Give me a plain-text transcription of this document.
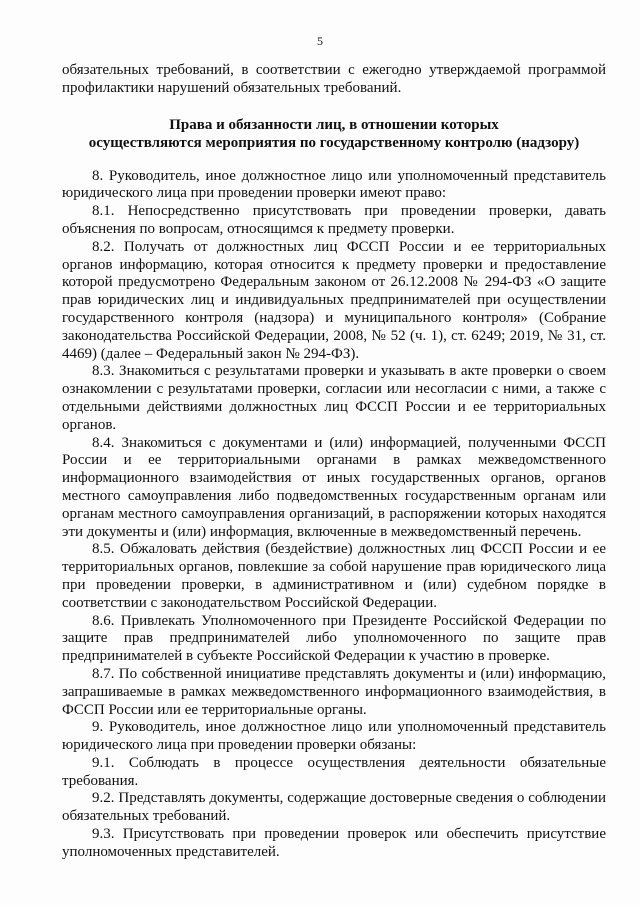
5

обязательных требований, в соответствии с ежегодно утверждаемой программой профилактики нарушений обязательных требований.

Права и обязанности лиц, в отношении которых
осуществляются мероприятия по государственному контролю (надзору)

8. Руководитель, иное должностное лицо или уполномоченный представитель юридического лица при проведении проверки имеют право:

8.1. Непосредственно присутствовать при проведении проверки, давать объяснения по вопросам, относящимся к предмету проверки.

8.2. Получать от должностных лиц ФССП России и ее территориальных органов информацию, которая относится к предмету проверки и предоставление которой предусмотрено Федеральным законом от 26.12.2008 № 294-ФЗ «О защите прав юридических лиц и индивидуальных предпринимателей при осуществлении государственного контроля (надзора) и муниципального контроля» (Собрание законодательства Российской Федерации, 2008, № 52 (ч. 1), ст. 6249; 2019, № 31, ст. 4469) (далее – Федеральный закон № 294-ФЗ).

8.3. Знакомиться с результатами проверки и указывать в акте проверки о своем ознакомлении с результатами проверки, согласии или несогласии с ними, а также с отдельными действиями должностных лиц ФССП России и ее территориальных органов.

8.4. Знакомиться с документами и (или) информацией, полученными ФССП России и ее территориальными органами в рамках межведомственного информационного взаимодействия от иных государственных органов, органов местного самоуправления либо подведомственных государственным органам или органам местного самоуправления организаций, в распоряжении которых находятся эти документы и (или) информация, включенные в межведомственный перечень.

8.5. Обжаловать действия (бездействие) должностных лиц ФССП России и ее территориальных органов, повлекшие за собой нарушение прав юридического лица при проведении проверки, в административном и (или) судебном порядке в соответствии с законодательством Российской Федерации.

8.6. Привлекать Уполномоченного при Президенте Российской Федерации по защите прав предпринимателей либо уполномоченного по защите прав предпринимателей в субъекте Российской Федерации к участию в проверке.

8.7. По собственной инициативе представлять документы и (или) информацию, запрашиваемые в рамках межведомственного информационного взаимодействия, в ФССП России или ее территориальные органы.

9. Руководитель, иное должностное лицо или уполномоченный представитель юридического лица при проведении проверки обязаны:

9.1. Соблюдать в процессе осуществления деятельности обязательные требования.

9.2. Представлять документы, содержащие достоверные сведения о соблюдении обязательных требований.

9.3. Присутствовать при проведении проверок или обеспечить присутствие уполномоченных представителей.
